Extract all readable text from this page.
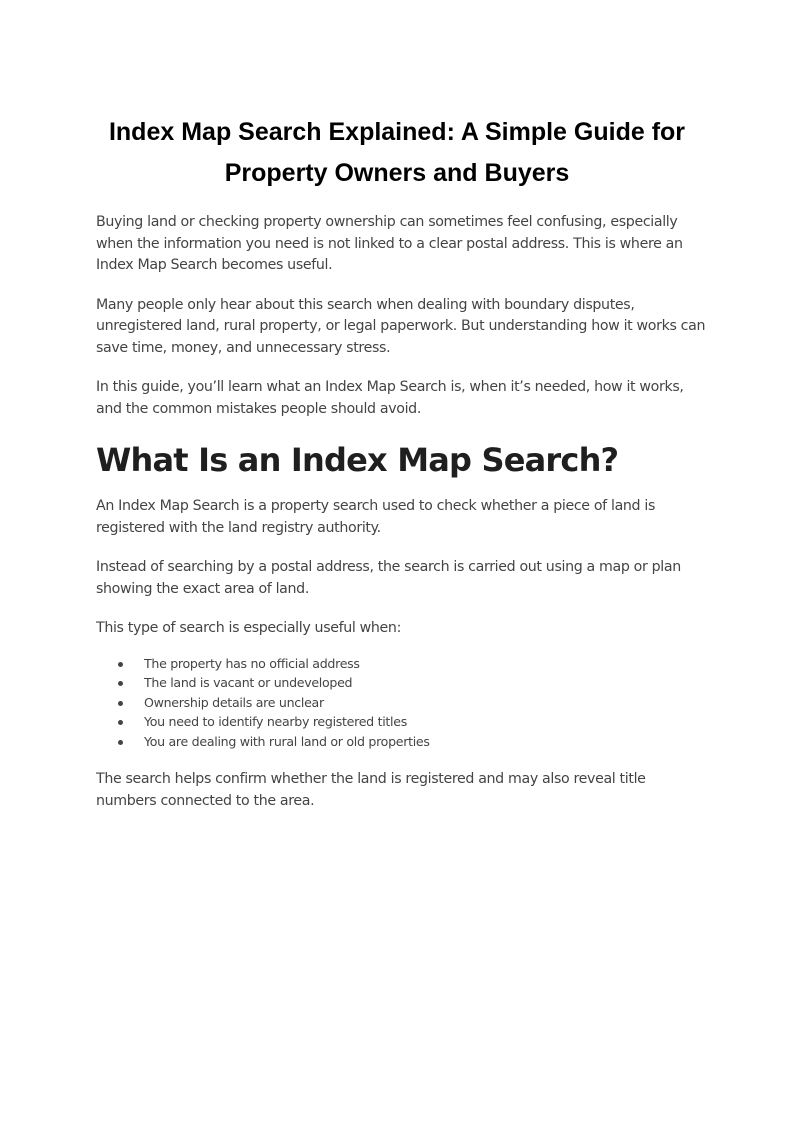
Index Map Search Explained: A Simple Guide for Property Owners and Buyers

Buying land or checking property ownership can sometimes feel confusing, especially when the information you need is not linked to a clear postal address. This is where an Index Map Search becomes useful.

Many people only hear about this search when dealing with boundary disputes, unregistered land, rural property, or legal paperwork. But understanding how it works can save time, money, and unnecessary stress.

In this guide, you’ll learn what an Index Map Search is, when it’s needed, how it works, and the common mistakes people should avoid.

What Is an Index Map Search?

An Index Map Search is a property search used to check whether a piece of land is registered with the land registry authority.

Instead of searching by a postal address, the search is carried out using a map or plan showing the exact area of land.

This type of search is especially useful when:

The property has no official address
The land is vacant or undeveloped
Ownership details are unclear
You need to identify nearby registered titles
You are dealing with rural land or old properties

The search helps confirm whether the land is registered and may also reveal title numbers connected to the area.
